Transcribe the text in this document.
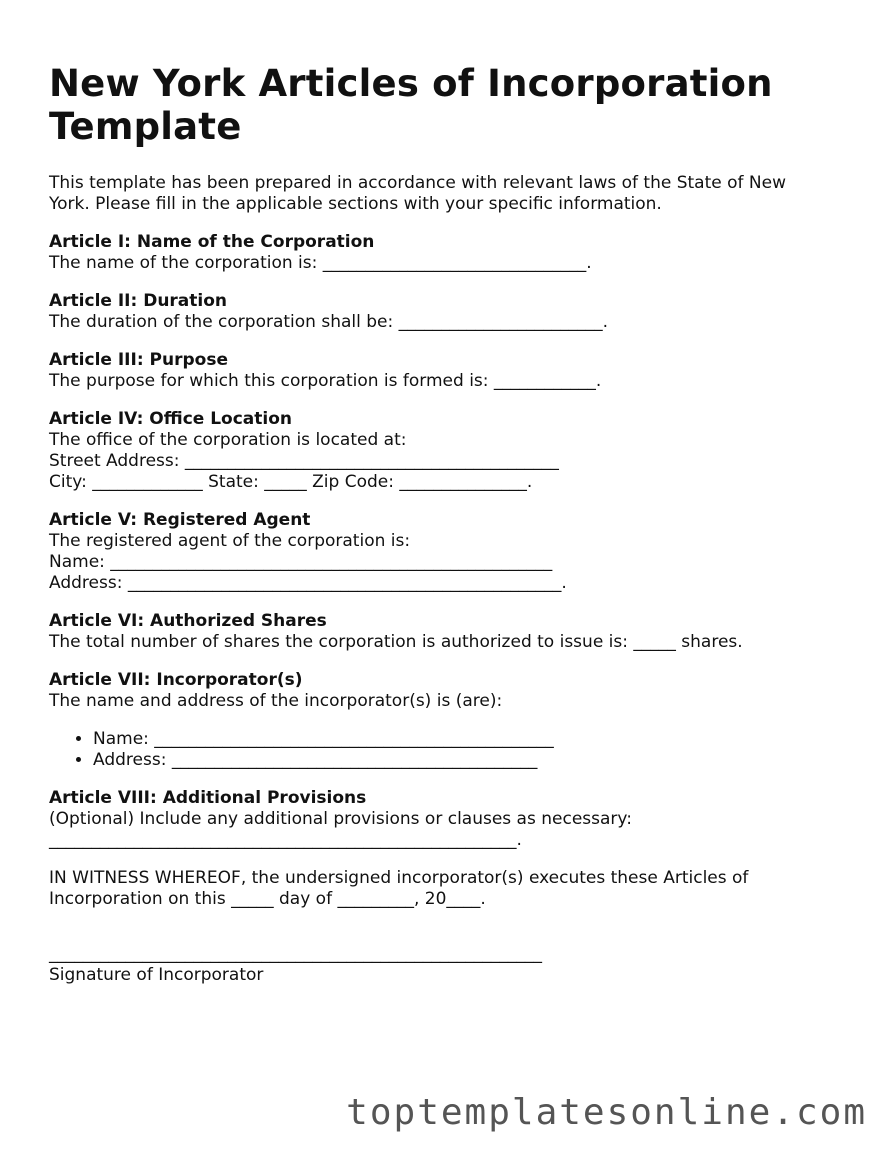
New York Articles of Incorporation Template

This template has been prepared in accordance with relevant laws of the State of New York. Please fill in the applicable sections with your specific information.

Article I: Name of the Corporation
The name of the corporation is: _______________________________.
Article II: Duration
The duration of the corporation shall be: ________________________.
Article III: Purpose
The purpose for which this corporation is formed is: ____________.
Article IV: Office Location
The office of the corporation is located at:
Street Address: ____________________________________________
City: _____________ State: _____ Zip Code: _______________.
Article V: Registered Agent
The registered agent of the corporation is:
Name: ____________________________________________________
Address: ___________________________________________________.
Article VI: Authorized Shares
The total number of shares the corporation is authorized to issue is: _____ shares.
Article VII: Incorporator(s)
The name and address of the incorporator(s) is (are):
• Name: _______________________________________________
• Address: ___________________________________________
Article VIII: Additional Provisions
(Optional) Include any additional provisions or clauses as necessary:
_______________________________________________________.

IN WITNESS WHEREOF, the undersigned incorporator(s) executes these Articles of Incorporation on this _____ day of _________, 20____.

__________________________________________________________
Signature of Incorporator
toptemplatesonline.com
